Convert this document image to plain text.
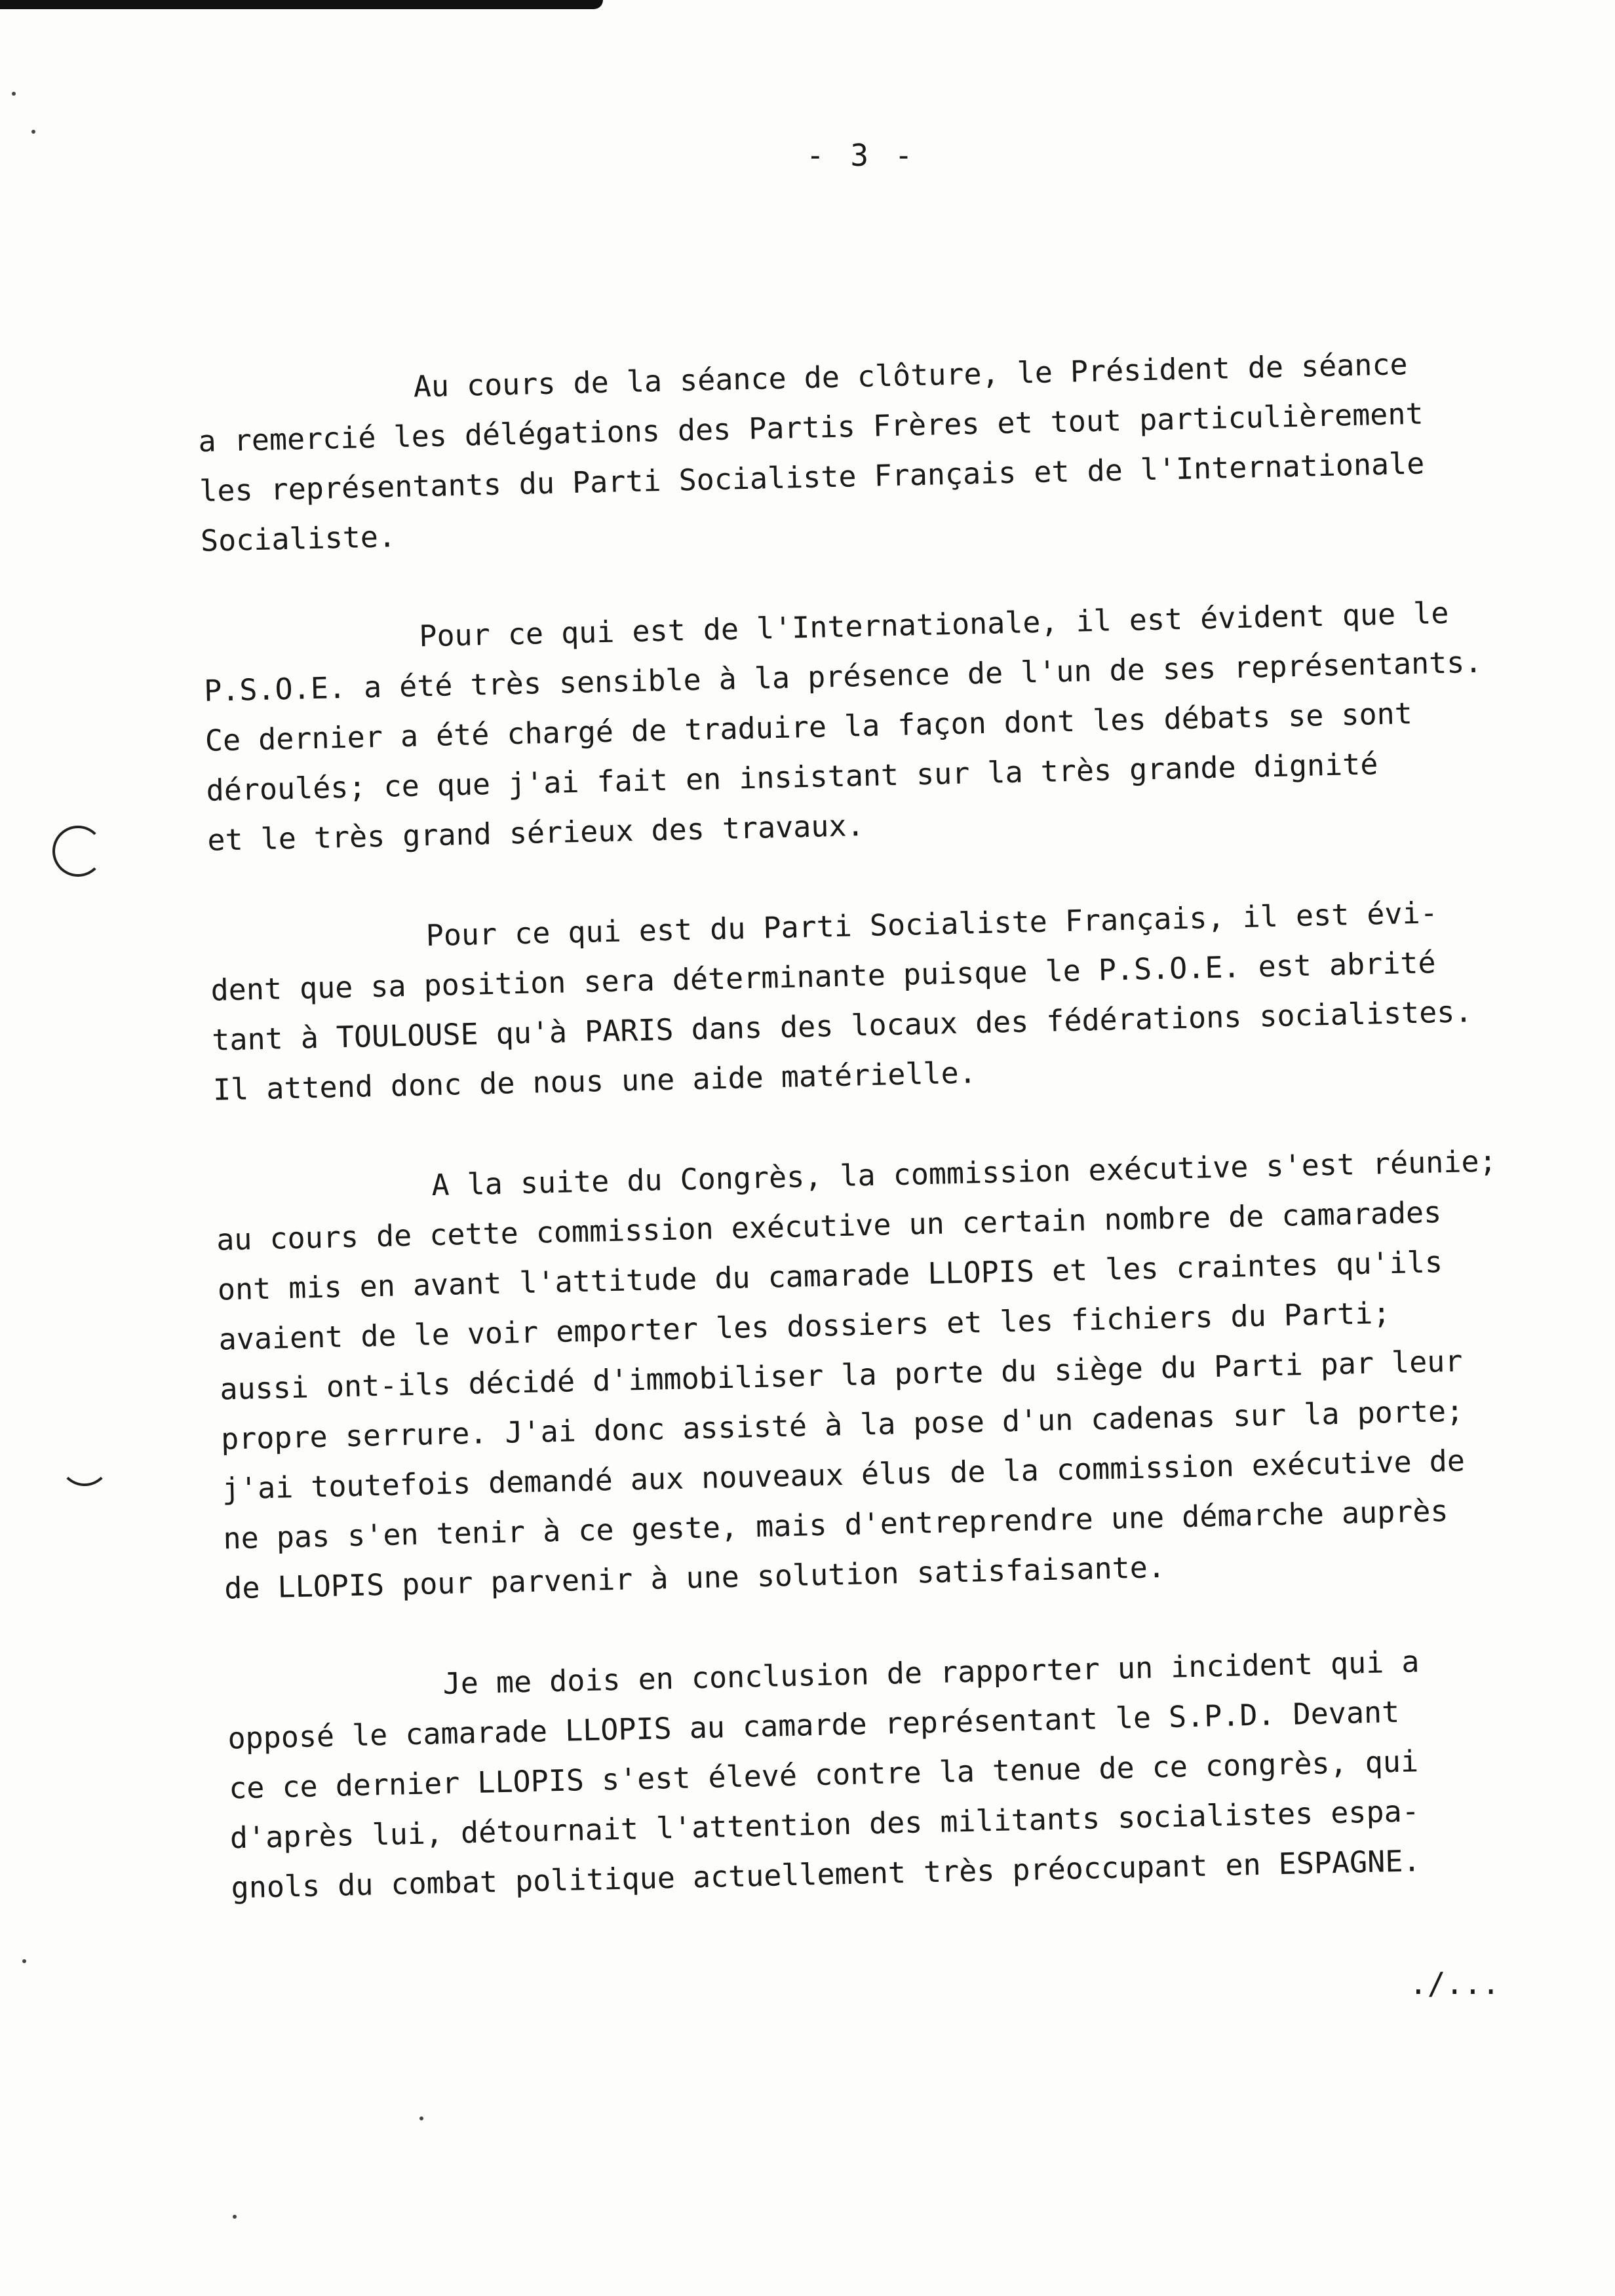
- 3 -
Au cours de la séance de clôture, le Président de séance
a remercié les délégations des Partis Frères et tout particulièrement
les représentants du Parti Socialiste Français et de l'Internationale
Socialiste.
Pour ce qui est de l'Internationale, il est évident que le
P.S.O.E. a été très sensible à la présence de l'un de ses représentants.
Ce dernier a été chargé de traduire la façon dont les débats se sont
déroulés; ce que j'ai fait en insistant sur la très grande dignité
et le très grand sérieux des travaux.
Pour ce qui est du Parti Socialiste Français, il est évi-
dent que sa position sera déterminante puisque le P.S.O.E. est abrité
tant à TOULOUSE qu'à PARIS dans des locaux des fédérations socialistes.
Il attend donc de nous une aide matérielle.
A la suite du Congrès, la commission exécutive s'est réunie;
au cours de cette commission exécutive un certain nombre de camarades
ont mis en avant l'attitude du camarade LLOPIS et les craintes qu'ils
avaient de le voir emporter les dossiers et les fichiers du Parti;
aussi ont-ils décidé d'immobiliser la porte du siège du Parti par leur
propre serrure. J'ai donc assisté à la pose d'un cadenas sur la porte;
j'ai toutefois demandé aux nouveaux élus de la commission exécutive de
ne pas s'en tenir à ce geste, mais d'entreprendre une démarche auprès
de LLOPIS pour parvenir à une solution satisfaisante.
Je me dois en conclusion de rapporter un incident qui a
opposé le camarade LLOPIS au camarde représentant le S.P.D. Devant
ce ce dernier LLOPIS s'est élevé contre la tenue de ce congrès, qui
d'après lui, détournait l'attention des militants socialistes espa-
gnols du combat politique actuellement très préoccupant en ESPAGNE.
./...
